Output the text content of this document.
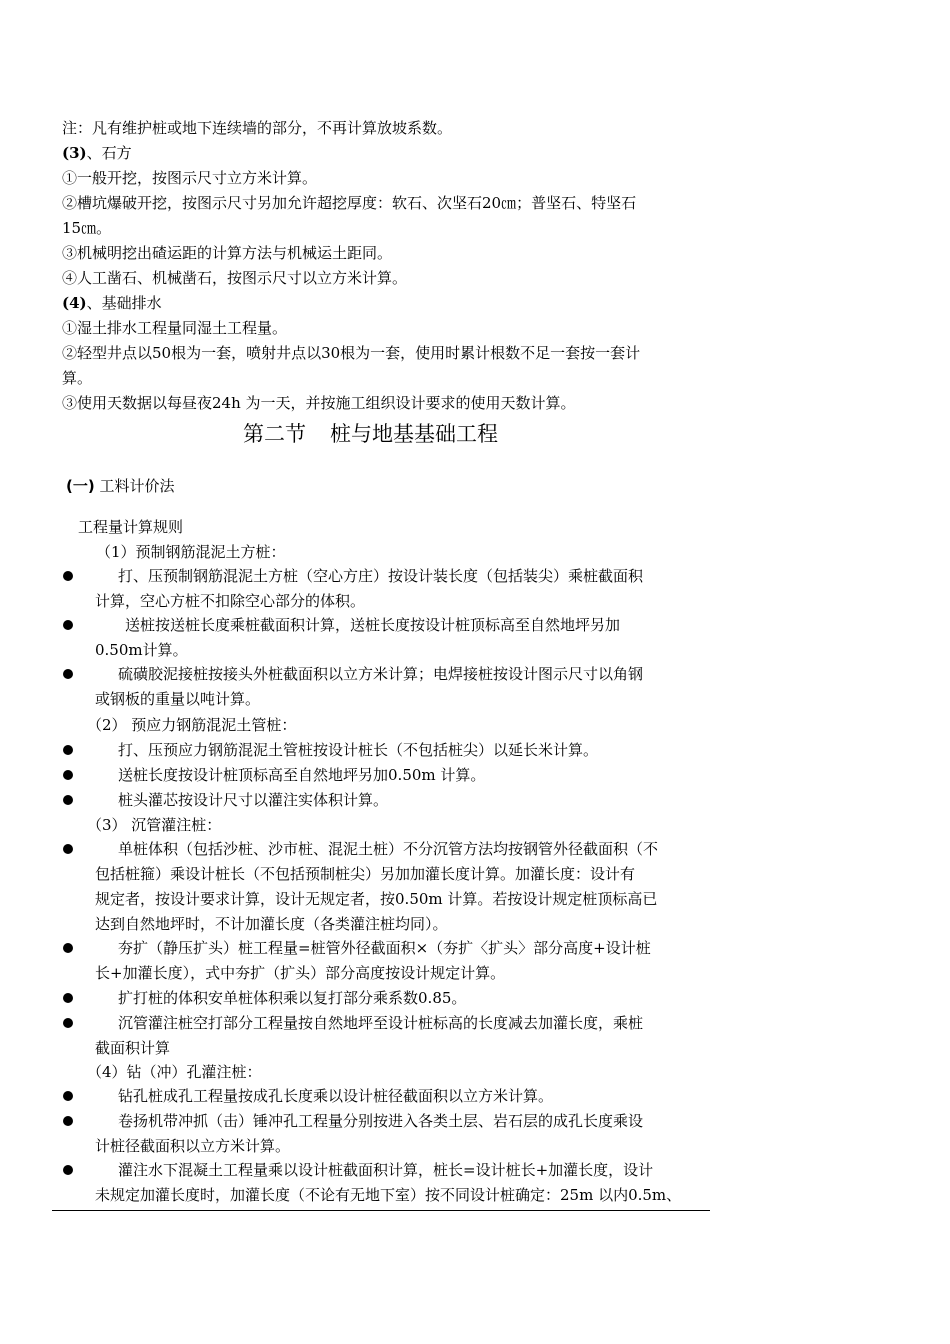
注：凡有维护桩或地下连续墙的部分，不再计算放坡系数。
(3)、石方
①一般开挖，按图示尺寸立方米计算。
②槽坑爆破开挖，按图示尺寸另加允许超挖厚度：软石、次坚石20㎝；普坚石、特坚石
15㎝。
③机械明挖出碴运距的计算方法与机械运土距同。
④人工凿石、机械凿石，按图示尺寸以立方米计算。
(4)、基础排水
①湿土排水工程量同湿土工程量。
②轻型井点以50根为一套，喷射井点以30根为一套，使用时累计根数不足一套按一套计
算。
③使用天数据以每昼夜24h 为一天，并按施工组织设计要求的使用天数计算。
第二节 桩与地基基础工程
(一) 工料计价法
工程量计算规则
（1）预制钢筋混泥土方桩：
打、压预制钢筋混泥土方桩（空心方庄）按设计装长度（包括装尖）乘桩截面积
计算，空心方桩不扣除空心部分的体积。
送桩按送桩长度乘桩截面积计算，送桩长度按设计桩顶标高至自然地坪另加
0.50m计算。
硫磺胶泥接桩按接头外桩截面积以立方米计算；电焊接桩按设计图示尺寸以角钢
或钢板的重量以吨计算。
（2） 预应力钢筋混泥土管桩：
打、压预应力钢筋混泥土管桩按设计桩长（不包括桩尖）以延长米计算。
送桩长度按设计桩顶标高至自然地坪另加0.50m 计算。
桩头灌芯按设计尺寸以灌注实体积计算。
（3） 沉管灌注桩：
单桩体积（包括沙桩、沙市桩、混泥土桩）不分沉管方法均按钢管外径截面积（不
包括桩箍）乘设计桩长（不包括预制桩尖）另加加灌长度计算。加灌长度：设计有
规定者，按设计要求计算，设计无规定者，按0.50m 计算。若按设计规定桩顶标高已
达到自然地坪时，不计加灌长度（各类灌注桩均同）。
夯扩（静压扩头）桩工程量=桩管外径截面积×（夯扩〈扩头〉部分高度+设计桩
长+加灌长度），式中夯扩（扩头）部分高度按设计规定计算。
扩打桩的体积安单桩体积乘以复打部分乘系数0.85。
沉管灌注桩空打部分工程量按自然地坪至设计桩标高的长度减去加灌长度，乘桩
截面积计算
（4）钻（冲）孔灌注桩：
钻孔桩成孔工程量按成孔长度乘以设计桩径截面积以立方米计算。
卷扬机带冲抓（击）锤冲孔工程量分别按进入各类土层、岩石层的成孔长度乘设
计桩径截面积以立方米计算。
灌注水下混凝土工程量乘以设计桩截面积计算，桩长=设计桩长+加灌长度，设计
未规定加灌长度时，加灌长度（不论有无地下室）按不同设计桩确定：25m 以内0.5m、
